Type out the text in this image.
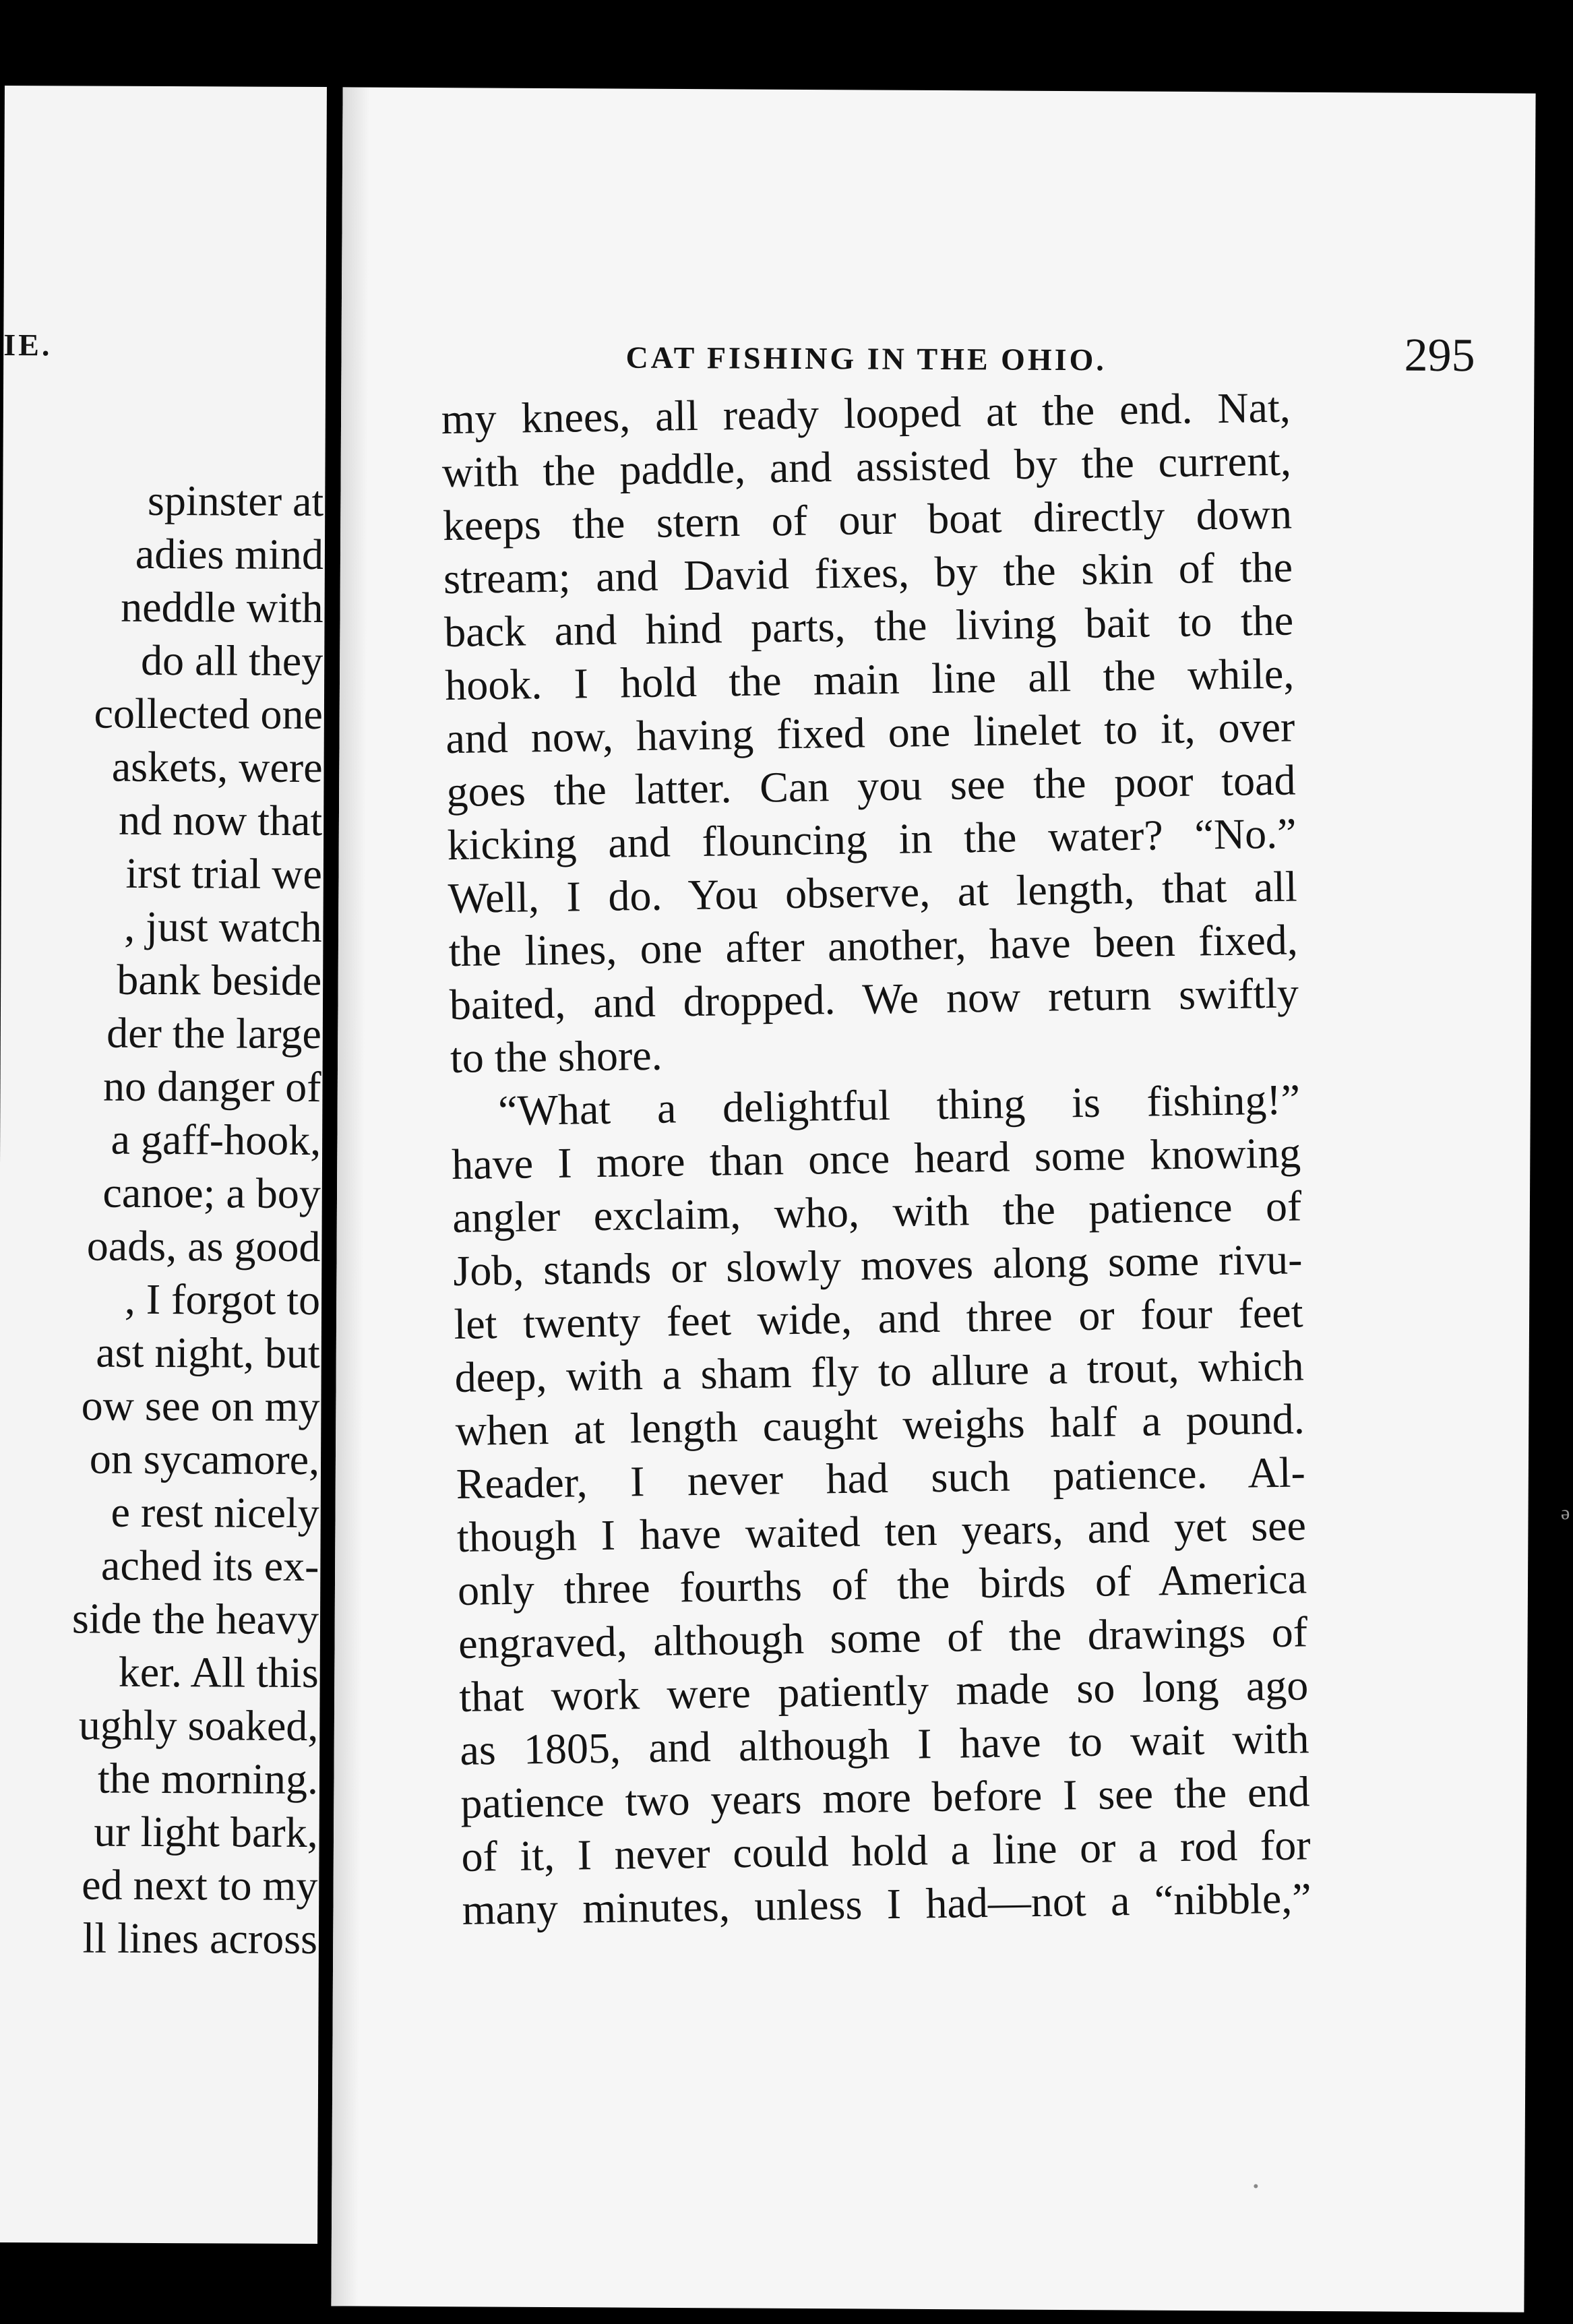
IE.
spinster at
adies mind
neddle with
do all they
collected one
askets, were
nd now that
irst trial we
, just watch
bank beside
der the large
no danger of
a gaff-hook,
canoe; a boy
oads, as good
, I forgot to
ast night, but
ow see on my
on sycamore,
e rest nicely
ached its ex-
side the heavy
ker. All this
ughly soaked,
the morning.
ur light bark,
ed next to my
ll lines across
CAT FISHING IN THE OHIO.	295
my knees, all ready looped at the end. Nat,
with the paddle, and assisted by the current,
keeps the stern of our boat directly down
stream; and David fixes, by the skin of the
back and hind parts, the living bait to the
hook. I hold the main line all the while,
and now, having fixed one linelet to it, over
goes the latter. Can you see the poor toad
kicking and flouncing in the water? “No.”
Well, I do. You observe, at length, that all
the lines, one after another, have been fixed,
baited, and dropped. We now return swiftly
to the shore.
“What a delightful thing is fishing!”
have I more than once heard some knowing
angler exclaim, who, with the patience of
Job, stands or slowly moves along some rivu-
let twenty feet wide, and three or four feet
deep, with a sham fly to allure a trout, which
when at length caught weighs half a pound.
Reader, I never had such patience. Al-
though I have waited ten years, and yet see
only three fourths of the birds of America
engraved, although some of the drawings of
that work were patiently made so long ago
as 1805, and although I have to wait with
patience two years more before I see the end
of it, I never could hold a line or a rod for
many minutes, unless I had—not a “nibble,”
ə
